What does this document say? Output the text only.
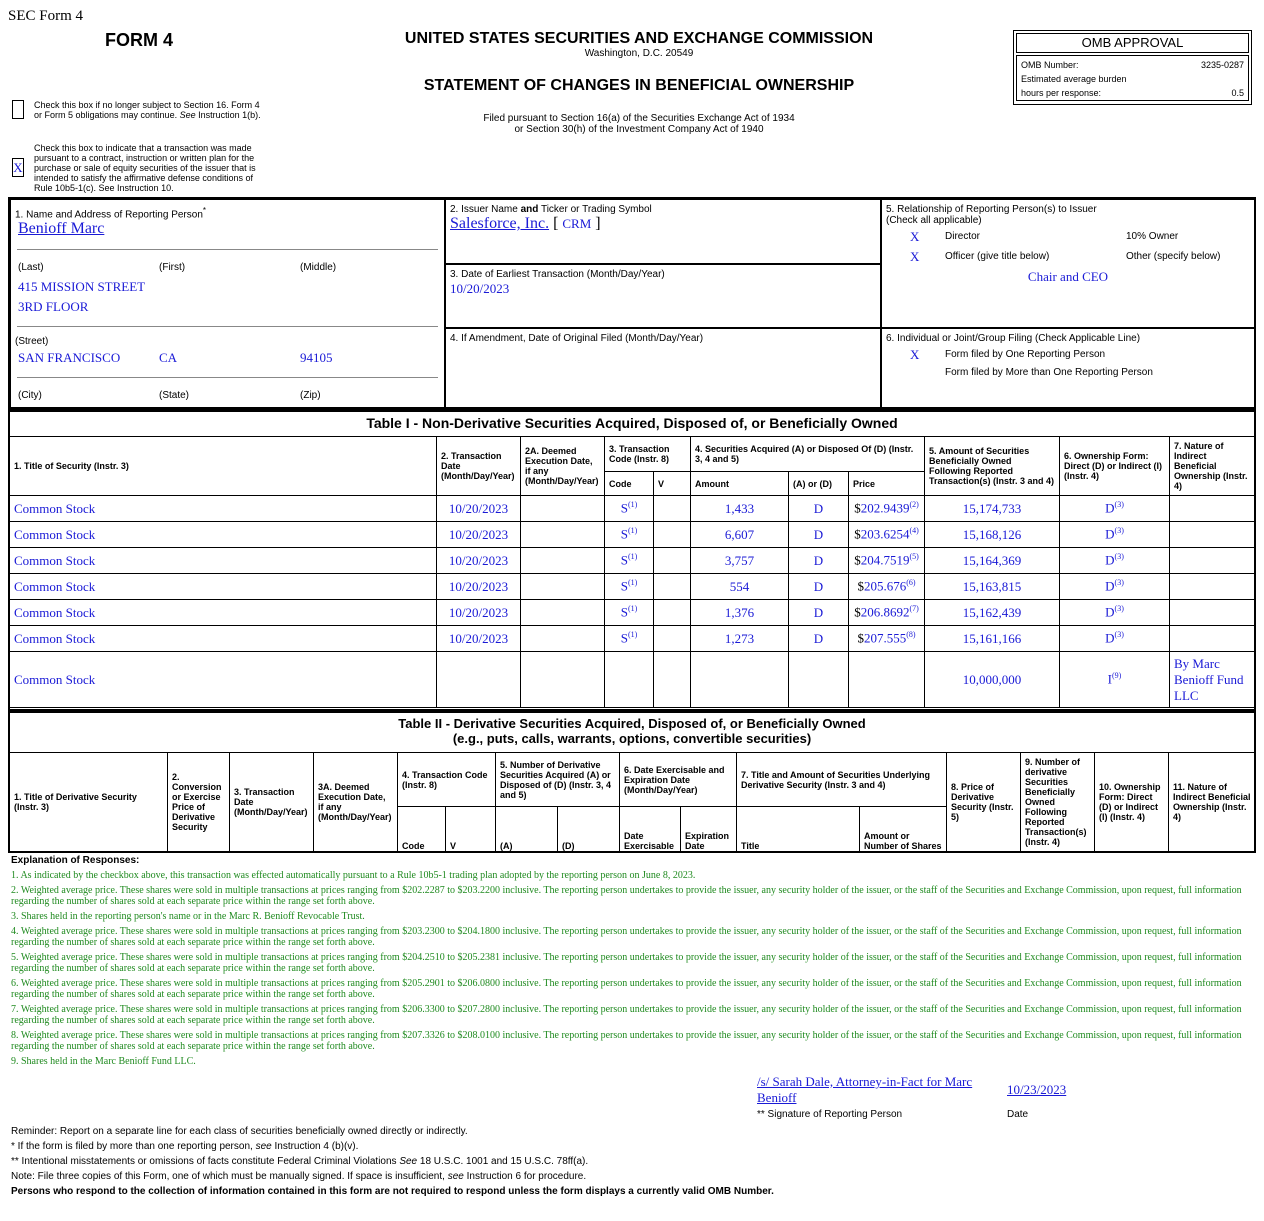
SEC Form 4
FORM 4	UNITED STATES SECURITIES AND EXCHANGE COMMISSION
Washington, D.C. 20549
STATEMENT OF CHANGES IN BENEFICIAL OWNERSHIP
Filed pursuant to Section 16(a) of the Securities Exchange Act of 1934
or Section 30(h) of the Investment Company Act of 1940
Check this box if no longer subject to Section 16. Form 4
or Form 5 obligations may continue. See Instruction 1(b).
X
Check this box to indicate that a transaction was made pursuant to a contract, instruction or written plan for the purchase or sale of equity securities of the issuer that is intended to satisfy the affirmative defense conditions of Rule 10b5-1(c). See Instruction 10.
OMB APPROVAL
OMB Number:	3235-0287
Estimated average burden
hours per response:	0.5
1. Name and Address of Reporting Person*
Benioff Marc
(Last)	(First)	(Middle)
415 MISSION STREET
3RD FLOOR
(Street)
SAN FRANCISCO	CA	94105
(City)	(State)	(Zip)
2. Issuer Name and Ticker or Trading Symbol
Salesforce, Inc. [ CRM ]
3. Date of Earliest Transaction (Month/Day/Year)
10/20/2023
4. If Amendment, Date of Original Filed (Month/Day/Year)
5. Relationship of Reporting Person(s) to Issuer
(Check all applicable)
X	Director	10% Owner
X	Officer (give title below)	Other (specify below)
Chair and CEO
6. Individual or Joint/Group Filing (Check Applicable Line)
X	Form filed by One Reporting Person
Form filed by More than One Reporting Person
Table I - Non-Derivative Securities Acquired, Disposed of, or Beneficially Owned
1. Title of Security (Instr. 3)	2. Transaction Date (Month/Day/Year)	2A. Deemed Execution Date, if any (Month/Day/Year)	3. Transaction Code (Instr. 8)		4. Securities Acquired (A) or Disposed Of (D) (Instr. 3, 4 and 5)			5. Amount of Securities Beneficially Owned Following Reported Transaction(s) (Instr. 3 and 4)	6. Ownership Form: Direct (D) or Indirect (I) (Instr. 4)	7. Nature of Indirect Beneficial Ownership (Instr. 4)
			Code	V	Amount	(A) or (D)	Price			
Common Stock	10/20/2023		$S^{(1)}$		1,433	D	$202.9439$^{(2)}$	15,174,733	$D^{(3)}$	
Common Stock	10/20/2023		$S^{(1)}$		6,607	D	$203.6254$^{(4)}$	15,168,126	$D^{(3)}$	
Common Stock	10/20/2023		$S^{(1)}$		3,757	D	$204.7519$^{(5)}$	15,164,369	$D^{(3)}$	
Common Stock	10/20/2023		$S^{(1)}$		554	D	$205.676$^{(6)}$	15,163,815	$D^{(3)}$	
Common Stock	10/20/2023		$S^{(1)}$		1,376	D	$206.8692$^{(7)}$	15,162,439	$D^{(3)}$	
Common Stock	10/20/2023		$S^{(1)}$		1,273	D	$207.555$^{(8)}$	15,161,166	$D^{(3)}$	
Common Stock								10,000,000	$I^{(9)}$	By Marc Benioff Fund LLC
Table II - Derivative Securities Acquired, Disposed of, or Beneficially Owned
(e.g., puts, calls, warrants, options, convertible securities)
1. Title of Derivative Security (Instr. 3)	2. Conversion or Exercise Price of Derivative Security	3. Transaction Date (Month/Day/Year)	3A. Deemed Execution Date, if any (Month/Day/Year)	4. Transaction Code (Instr. 8)		5. Number of Derivative Securities Acquired (A) or Disposed of (D) (Instr. 3, 4 and 5)		6. Date Exercisable and Expiration Date (Month/Day/Year)		7. Title and Amount of Securities Underlying Derivative Security (Instr. 3 and 4)		8. Price of Derivative Security (Instr. 5)	9. Number of derivative Securities Beneficially Owned Following Reported Transaction(s) (Instr. 4)	10. Ownership Form: Direct (D) or Indirect (I) (Instr. 4)	11. Nature of Indirect Beneficial Ownership (Instr. 4)
				Code	V	(A)	(D)	Date Exercisable	Expiration Date	Title	Amount or Number of Shares				
Explanation of Responses:
1. As indicated by the checkbox above, this transaction was effected automatically pursuant to a Rule 10b5-1 trading plan adopted by the reporting person on June 8, 2023.
2. Weighted average price. These shares were sold in multiple transactions at prices ranging from $202.2287 to $203.2200 inclusive. The reporting person undertakes to provide the issuer, any security holder of the issuer, or the staff of the Securities and Exchange Commission, upon request, full information regarding the number of shares sold at each separate price within the range set forth above.
3. Shares held in the reporting person's name or in the Marc R. Benioff Revocable Trust.
4. Weighted average price. These shares were sold in multiple transactions at prices ranging from $203.2300 to $204.1800 inclusive. The reporting person undertakes to provide the issuer, any security holder of the issuer, or the staff of the Securities and Exchange Commission, upon request, full information regarding the number of shares sold at each separate price within the range set forth above.
5. Weighted average price. These shares were sold in multiple transactions at prices ranging from $204.2510 to $205.2381 inclusive. The reporting person undertakes to provide the issuer, any security holder of the issuer, or the staff of the Securities and Exchange Commission, upon request, full information regarding the number of shares sold at each separate price within the range set forth above.
6. Weighted average price. These shares were sold in multiple transactions at prices ranging from $205.2901 to $206.0800 inclusive. The reporting person undertakes to provide the issuer, any security holder of the issuer, or the staff of the Securities and Exchange Commission, upon request, full information regarding the number of shares sold at each separate price within the range set forth above.
7. Weighted average price. These shares were sold in multiple transactions at prices ranging from $206.3300 to $207.2800 inclusive. The reporting person undertakes to provide the issuer, any security holder of the issuer, or the staff of the Securities and Exchange Commission, upon request, full information regarding the number of shares sold at each separate price within the range set forth above.
8. Weighted average price. These shares were sold in multiple transactions at prices ranging from $207.3326 to $208.0100 inclusive. The reporting person undertakes to provide the issuer, any security holder of the issuer, or the staff of the Securities and Exchange Commission, upon request, full information regarding the number of shares sold at each separate price within the range set forth above.
9. Shares held in the Marc Benioff Fund LLC.
/s/ Sarah Dale, Attorney-in-Fact for Marc Benioff
10/23/2023
** Signature of Reporting Person	Date
Reminder: Report on a separate line for each class of securities beneficially owned directly or indirectly.
* If the form is filed by more than one reporting person, see Instruction 4 (b)(v).
** Intentional misstatements or omissions of facts constitute Federal Criminal Violations See 18 U.S.C. 1001 and 15 U.S.C. 78ff(a).
Note: File three copies of this Form, one of which must be manually signed. If space is insufficient, see Instruction 6 for procedure.
Persons who respond to the collection of information contained in this form are not required to respond unless the form displays a currently valid OMB Number.
